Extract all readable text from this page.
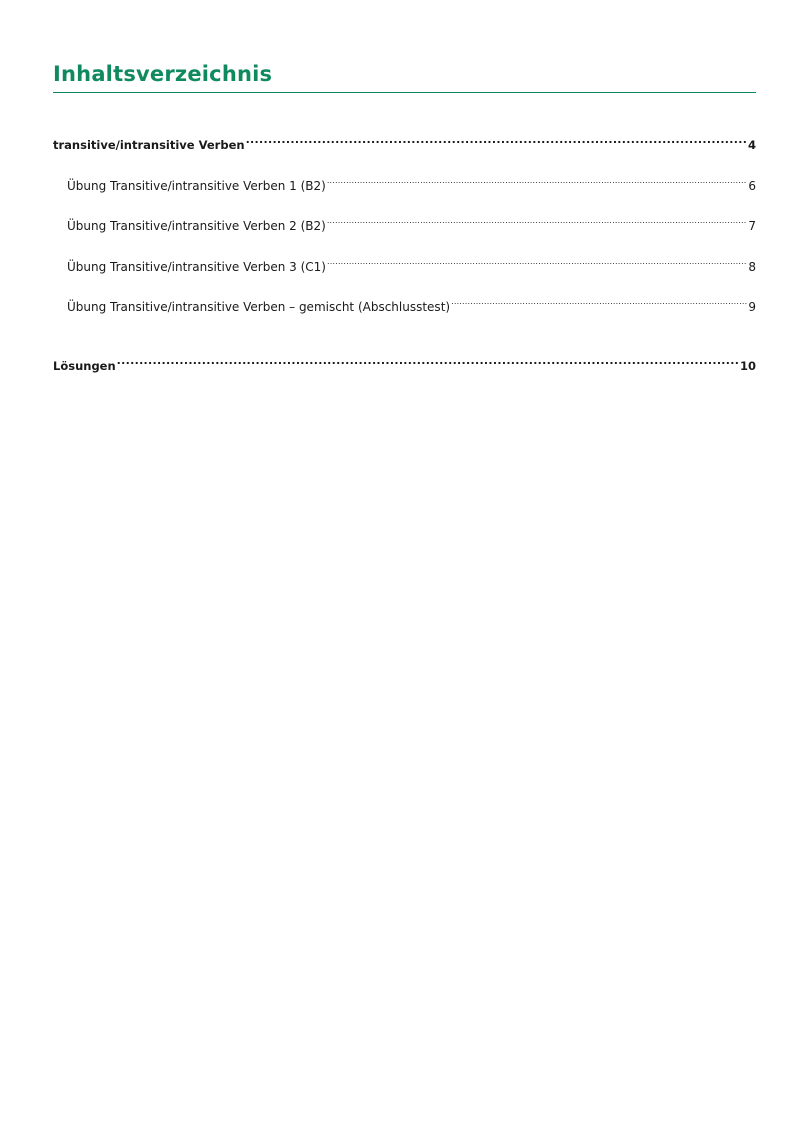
Inhaltsverzeichnis
transitive/intransitive Verben .....	4
Übung Transitive/intransitive Verben 1 (B2) .....	6
Übung Transitive/intransitive Verben 2 (B2) .....	7
Übung Transitive/intransitive Verben 3 (C1) .....	8
Übung Transitive/intransitive Verben – gemischt (Abschlusstest) .....	9
Lösungen .....	10
